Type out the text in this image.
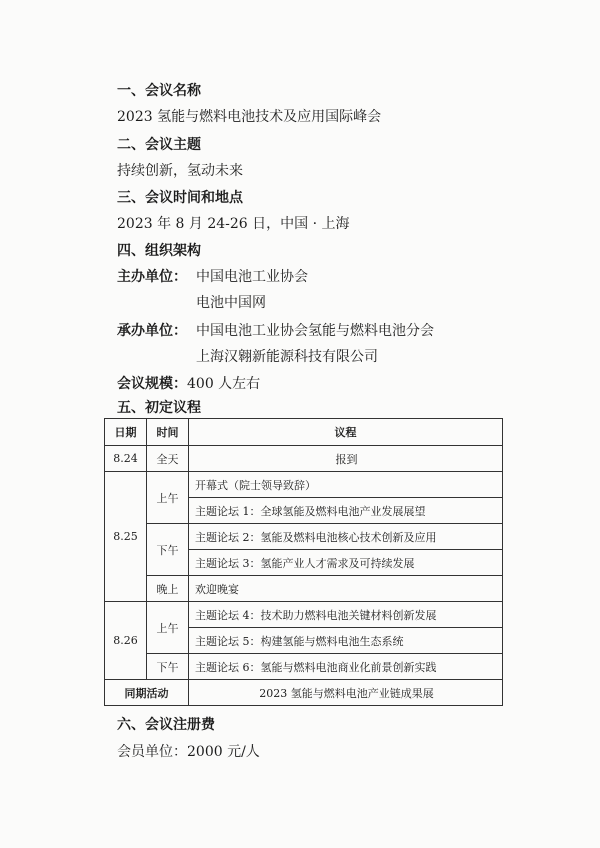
一、会议名称
2023 氢能与燃料电池技术及应用国际峰会
二、会议主题
持续创新，氢动未来
三、会议时间和地点
2023 年 8 月 24-26 日，中国 · 上海
四、组织架构
主办单位： 中国电池工业协会
电池中国网
承办单位： 中国电池工业协会氢能与燃料电池分会
上海汉翱新能源科技有限公司
会议规模：400 人左右
五、初定议程
日期	时间	议程
8.24	全天	报到
8.25	上午	开幕式（院士领导致辞）
		主题论坛 1：全球氢能及燃料电池产业发展展望
	下午	主题论坛 2：氢能及燃料电池核心技术创新及应用
		主题论坛 3：氢能产业人才需求及可持续发展
	晚上	欢迎晚宴
8.26	上午	主题论坛 4：技术助力燃料电池关键材料创新发展
		主题论坛 5：构建氢能与燃料电池生态系统
	下午	主题论坛 6：氢能与燃料电池商业化前景创新实践
同期活动		2023 氢能与燃料电池产业链成果展
六、会议注册费
会员单位：2000 元/人
